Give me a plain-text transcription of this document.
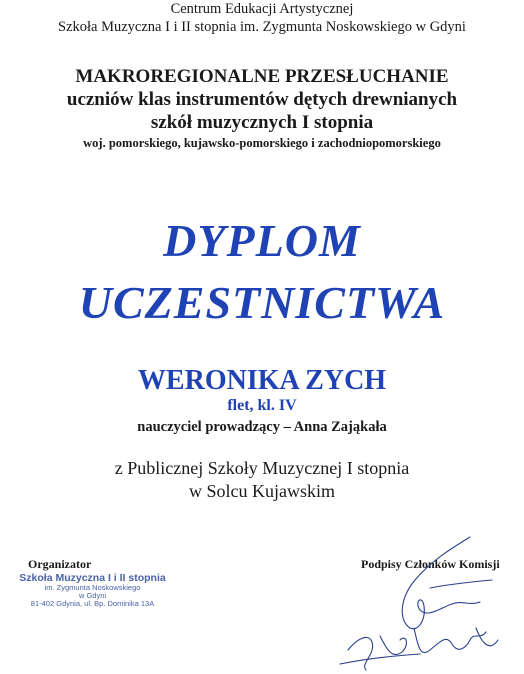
Centrum Edukacji Artystycznej
Szkoła Muzyczna I i II stopnia im. Zygmunta Noskowskiego w Gdyni
MAKROREGIONALNE PRZESŁUCHANIE
uczniów klas instrumentów dętych drewnianych
szkół muzycznych I stopnia
woj. pomorskiego, kujawsko-pomorskiego i zachodniopomorskiego
DYPLOM
UCZESTNICTWA
WERONIKA ZYCH
flet, kl. IV
nauczyciel prowadzący – Anna Zająkała
z Publicznej Szkoły Muzycznej I stopnia
w Solcu Kujawskim
Organizator	Podpisy Członków Komisji
Szkoła Muzyczna I i II stopnia
im. Zygmunta Noskowskiego
w Gdyni
81-402 Gdynia, ul. Bp. Dominika 13A
